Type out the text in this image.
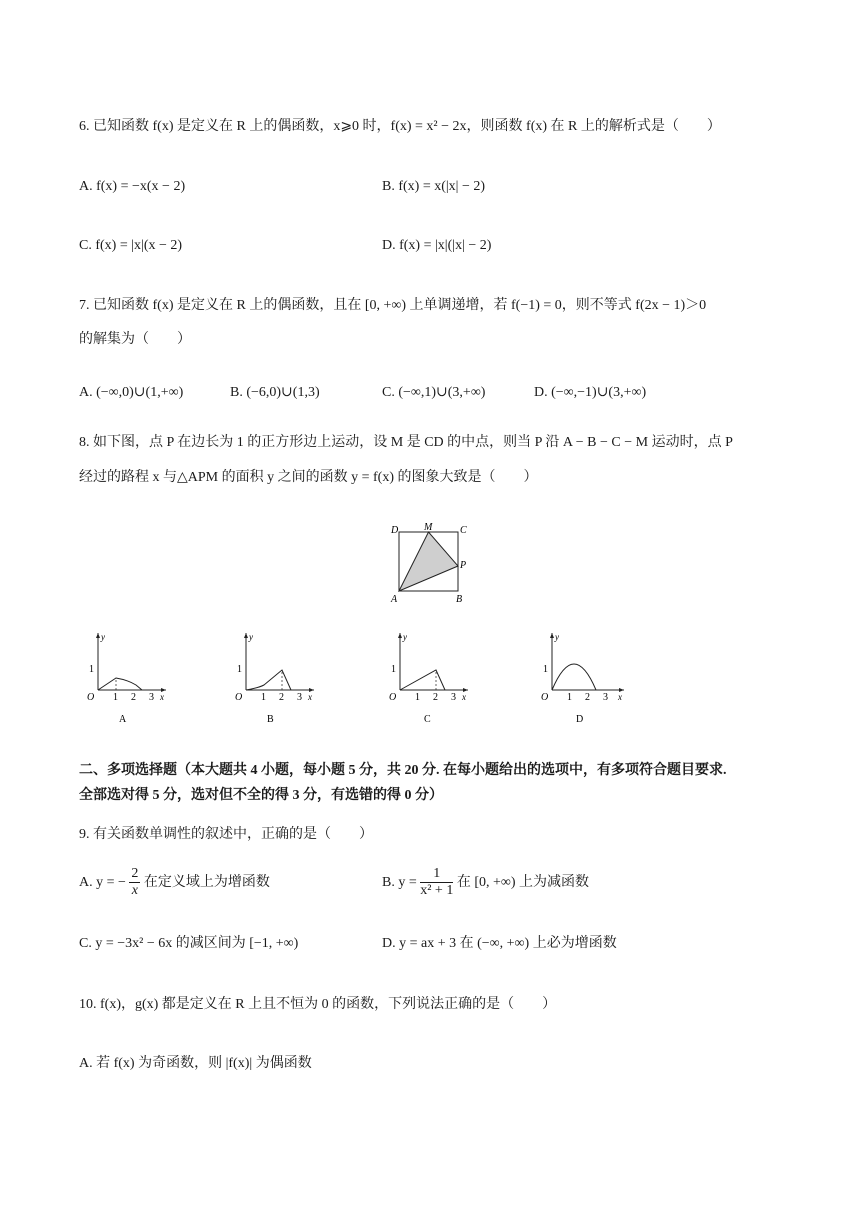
6. 已知函数 f(x) 是定义在 R 上的偶函数，x⩾0 时，f(x) = x² − 2x，则函数 f(x) 在 R 上的解析式是（　　）
A. f(x) = −x(x − 2)	B. f(x) = x(|x| − 2)
C. f(x) = |x|(x − 2)	D. f(x) = |x|(|x| − 2)
7. 已知函数 f(x) 是定义在 R 上的偶函数，且在 [0, +∞) 上单调递增，若 f(−1) = 0，则不等式 f(2x − 1)＞0
的解集为（　　）
A. (−∞,0)∪(1,+∞)	B. (−6,0)∪(1,3)	C. (−∞,1)∪(3,+∞)	D. (−∞,−1)∪(3,+∞)
8. 如下图，点 P 在边长为 1 的正方形边上运动，设 M 是 CD 的中点，则当 P 沿 A − B − C − M 运动时，点 P
经过的路程 x 与△APM 的面积 y 之间的函数 y = f(x) 的图象大致是（　　）
D	M	C
P
A	B
y
x
O
1
1 2 3
A
y
x
O
1
1 2 3
B
y
x
O
1
1 2 3
C
y
x
O
1
1 2 3
D
二、多项选择题（本大题共 4 小题，每小题 5 分，共 20 分. 在每小题给出的选项中，有多项符合题目要求.
全部选对得 5 分，选对但不全的得 3 分，有选错的得 0 分）
9. 有关函数单调性的叙述中，正确的是（　　）
A. y = − $\frac{2}{x}$ 在定义域上为增函数	B. $y = \frac{1}{\text{x² + 1}}$ 在 [0, +∞) 上为减函数
C. y = −3x² − 6x 的减区间为 [−1, +∞)	D. y = ax + 3 在 (−∞, +∞) 上必为增函数
10. f(x)，g(x) 都是定义在 R 上且不恒为 0 的函数，下列说法正确的是（　　）
A. 若 f(x) 为奇函数，则 |f(x)| 为偶函数
